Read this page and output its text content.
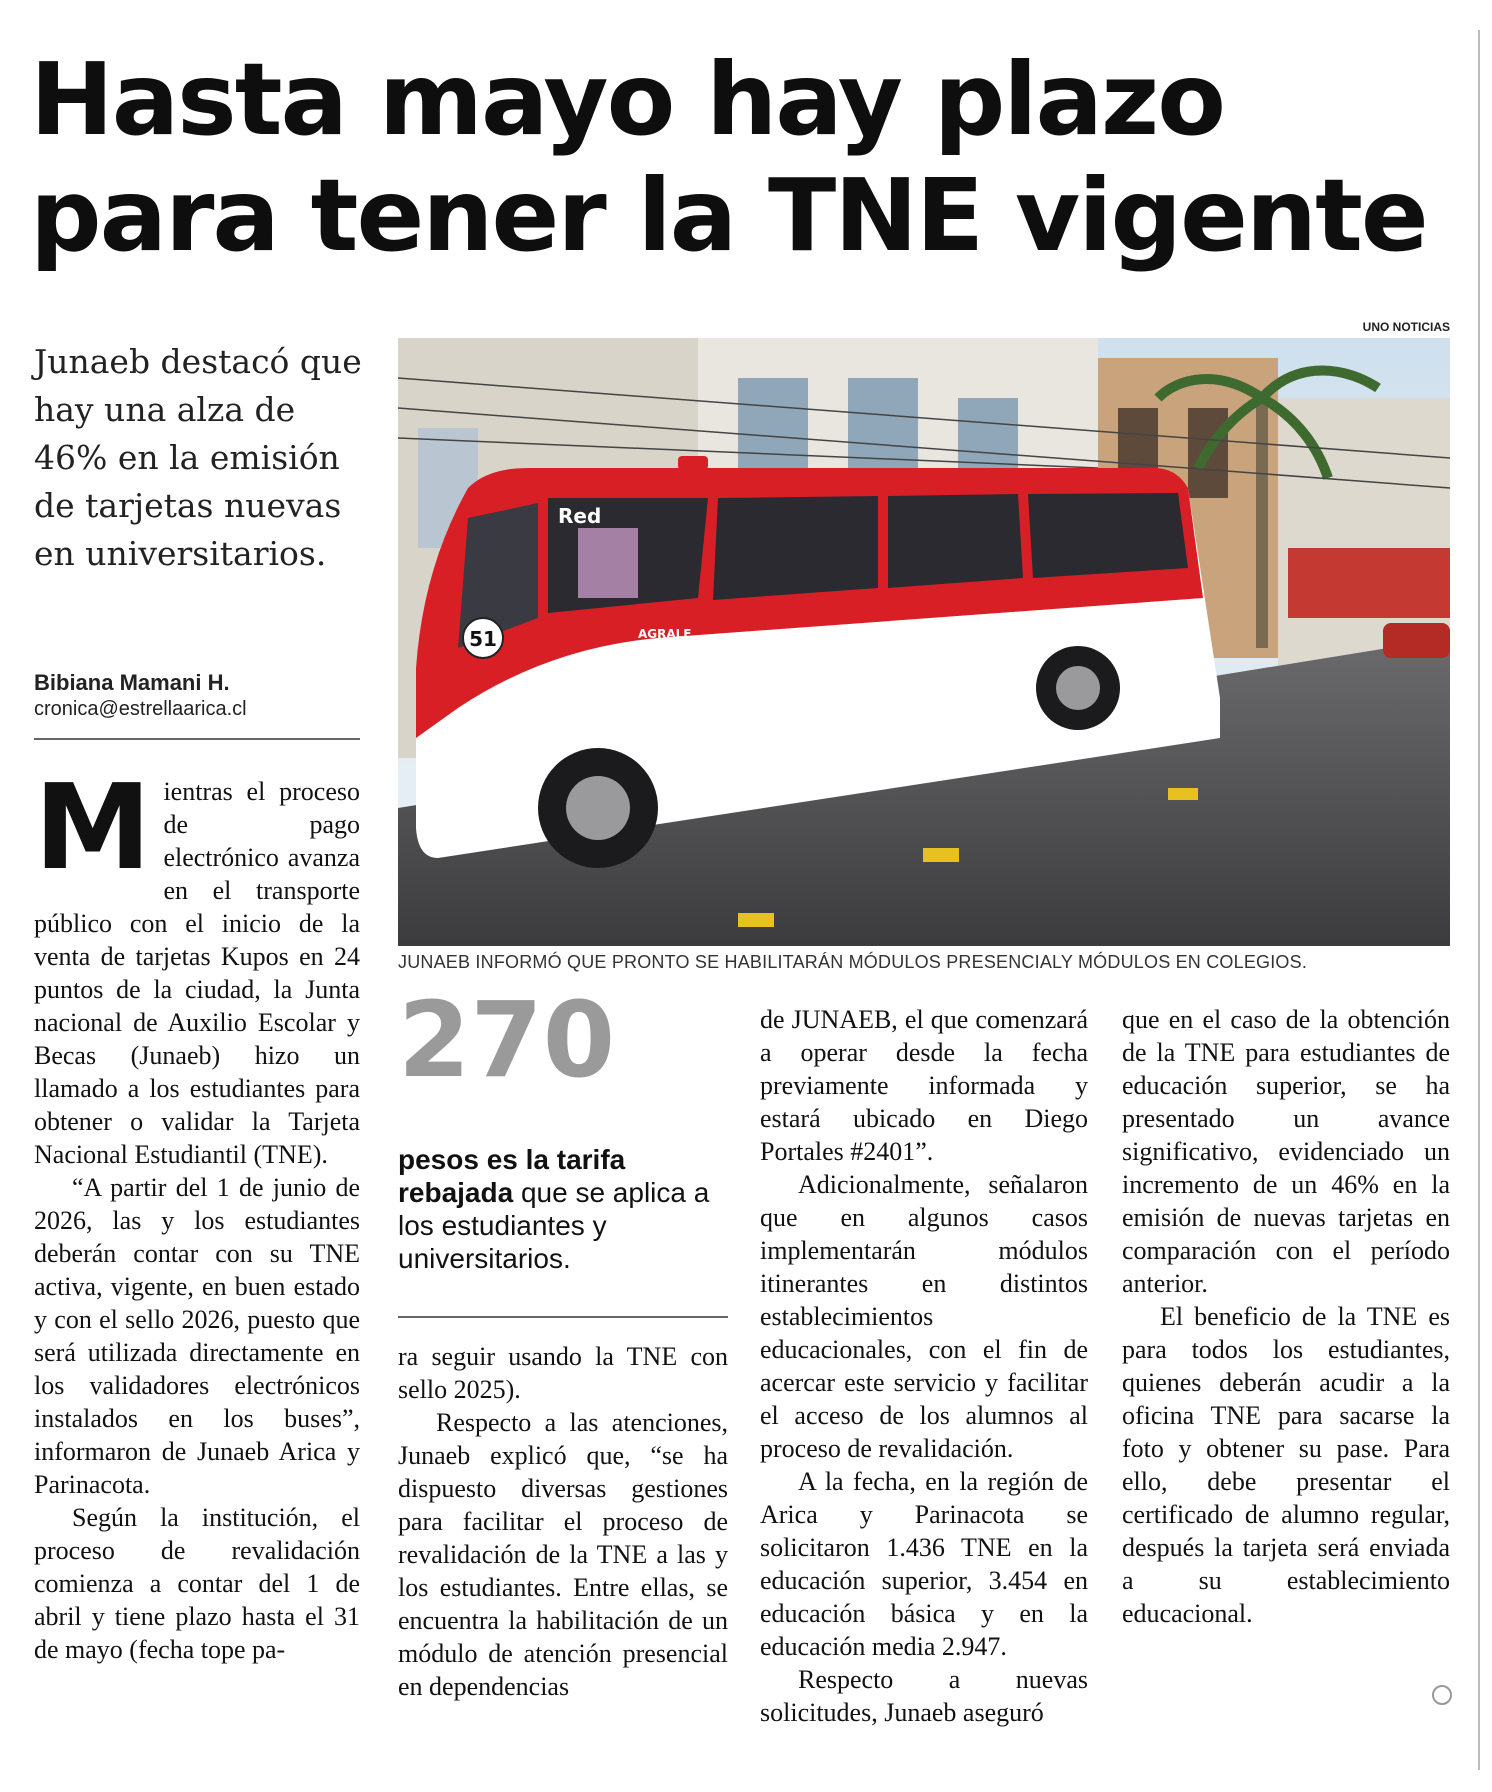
Hasta mayo hay plazo
para tener la TNE vigente
UNO NOTICIAS
Junaeb destacó que hay una alza de 46% en la emisión de tarjetas nuevas en universitarios.
Bibiana Mamani H.
cronica@estrellaarica.cl
Red
51	AGRALE
JUNAEB INFORMÓ QUE PRONTO SE HABILITARÁN MÓDULOS PRESENCIALY MÓDULOS EN COLEGIOS.
270
pesos es la tarifa rebajada que se aplica a los estudiantes y universitarios.

Mientras el proceso de pago electrónico avanza en el transporte público con el inicio de la venta de tarjetas Kupos en 24 puntos de la ciudad, la Junta nacional de Auxilio Escolar y Becas (Junaeb) hizo un llamado a los estudiantes para obtener o validar la Tarjeta Nacional Estudiantil (TNE).

“A partir del 1 de junio de 2026, las y los estudiantes deberán contar con su TNE activa, vigente, en buen estado y con el sello 2026, puesto que será utilizada directamente en los validadores electrónicos instalados en los buses”, informaron de Junaeb Arica y Parinacota.

Según la institución, el proceso de revalidación comienza a contar del 1 de abril y tiene plazo hasta el 31 de mayo (fecha tope pa-

ra seguir usando la TNE con sello 2025).

Respecto a las atenciones, Junaeb explicó que, “se ha dispuesto diversas gestiones para facilitar el proceso de revalidación de la TNE a las y los estudiantes. Entre ellas, se encuentra la habilitación de un módulo de atención presencial en dependencias

de JUNAEB, el que comenzará a operar desde la fecha previamente informada y estará ubicado en Diego Portales #2401”.

Adicionalmente, señalaron que en algunos casos implementarán módulos itinerantes en distintos establecimientos educacionales, con el fin de acercar este servicio y facilitar el acceso de los alumnos al proceso de revalidación.

A la fecha, en la región de Arica y Parinacota se solicitaron 1.436 TNE en la educación superior, 3.454 en educación básica y en la educación media 2.947.

Respecto a nuevas solicitudes, Junaeb aseguró

que en el caso de la obtención de la TNE para estudiantes de educación superior, se ha presentado un avance significativo, evidenciado un incremento de un 46% en la emisión de nuevas tarjetas en comparación con el período anterior.

El beneficio de la TNE es para todos los estudiantes, quienes deberán acudir a la oficina TNE para sacarse la foto y obtener su pase. Para ello, debe presentar el certificado de alumno regular, después la tarjeta será enviada a su establecimiento educacional.
